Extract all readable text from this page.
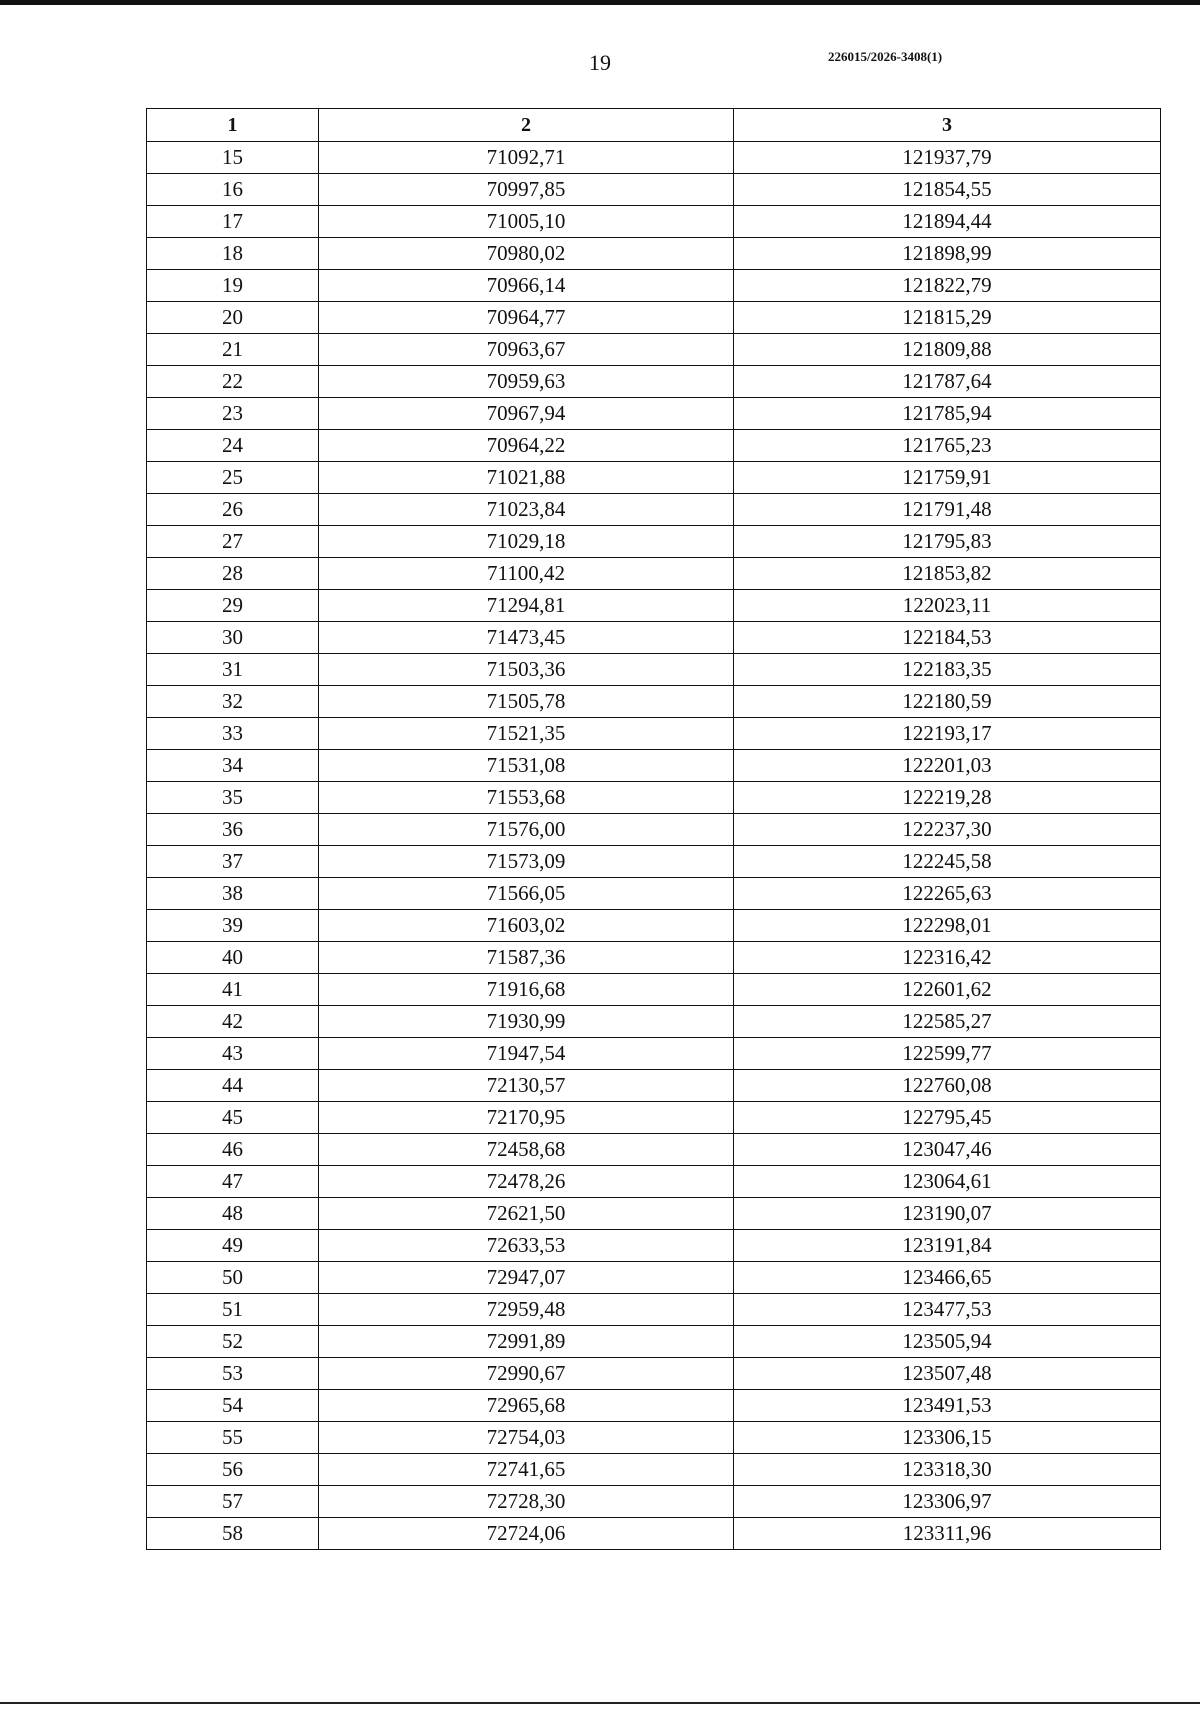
19	226015/2026-3408(1)
1	2	3
15	71092,71	121937,79
16	70997,85	121854,55
17	71005,10	121894,44
18	70980,02	121898,99
19	70966,14	121822,79
20	70964,77	121815,29
21	70963,67	121809,88
22	70959,63	121787,64
23	70967,94	121785,94
24	70964,22	121765,23
25	71021,88	121759,91
26	71023,84	121791,48
27	71029,18	121795,83
28	71100,42	121853,82
29	71294,81	122023,11
30	71473,45	122184,53
31	71503,36	122183,35
32	71505,78	122180,59
33	71521,35	122193,17
34	71531,08	122201,03
35	71553,68	122219,28
36	71576,00	122237,30
37	71573,09	122245,58
38	71566,05	122265,63
39	71603,02	122298,01
40	71587,36	122316,42
41	71916,68	122601,62
42	71930,99	122585,27
43	71947,54	122599,77
44	72130,57	122760,08
45	72170,95	122795,45
46	72458,68	123047,46
47	72478,26	123064,61
48	72621,50	123190,07
49	72633,53	123191,84
50	72947,07	123466,65
51	72959,48	123477,53
52	72991,89	123505,94
53	72990,67	123507,48
54	72965,68	123491,53
55	72754,03	123306,15
56	72741,65	123318,30
57	72728,30	123306,97
58	72724,06	123311,96
